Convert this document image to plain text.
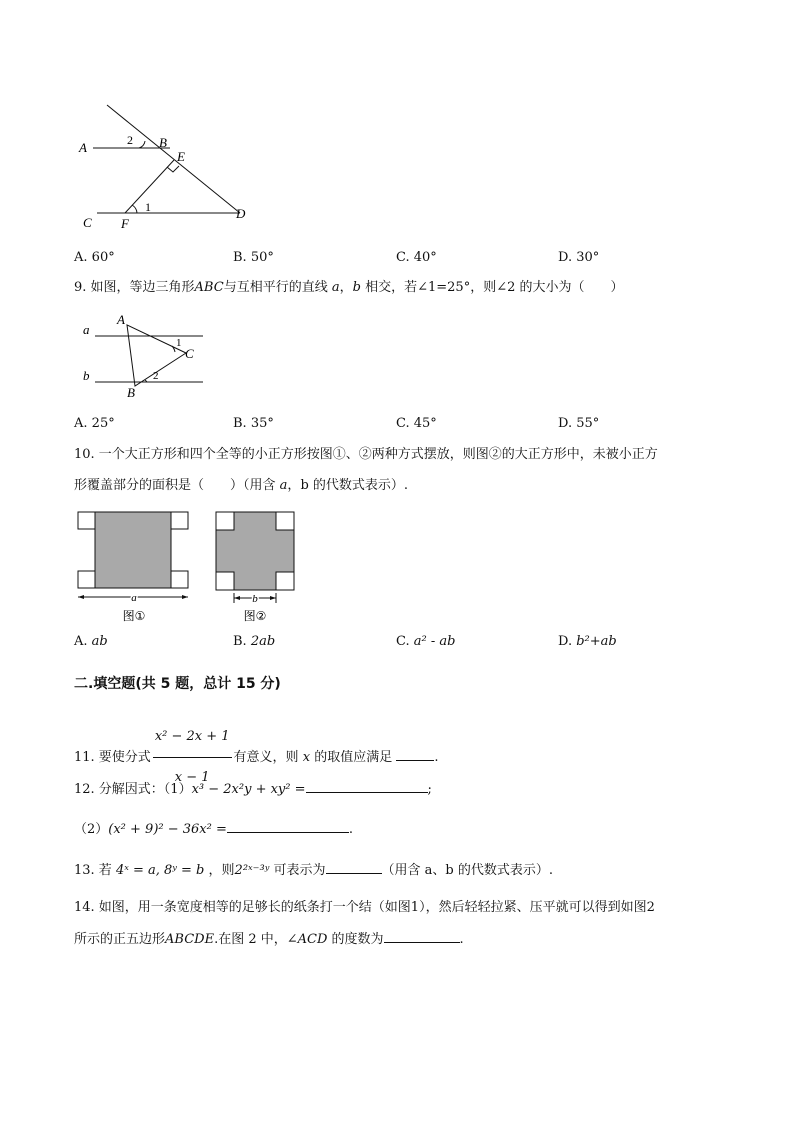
A	2 B
E
C F
1	D
A. 60°	B. 50°	C. 40°	D. 30°
9. 如图，等边三角形ABC与互相平行的直线 a，b 相交，若∠1=25°，则∠2 的大小为（　　）
a
b
A
1
C
2
B
A. 25°	B. 35°	C. 45°	D. 55°
10. 一个大正方形和四个全等的小正方形按图①、②两种方式摆放，则图②的大正方形中，未被小正方
形覆盖部分的面积是（　　）（用含 a，b 的代数式表示）.
a
图①
b
图②
A. ab	B. 2ab	C. a² - ab	D. b²+ab
二.填空题(共 5 题，总计 15 分)
11. 要使分式 $\frac{\text{x² − 2x + 1}}{x - 1}$ 有意义，则 x 的取值应满足	.
12. 分解因式：（1）x³ − 2x²y + xy² =	;
（2）(x² + 9)² − 36x² =	.
13. 若 4ˣ = a, 8ʸ = b ，则2²ˣ⁻³ʸ 可表示为	（用含 a、b 的代数式表示）.
14. 如图，用一条宽度相等的足够长的纸条打一个结（如图1），然后轻轻拉紧、压平就可以得到如图2
所示的正五边形ABCDE.在图 2 中，∠ACD 的度数为	.
